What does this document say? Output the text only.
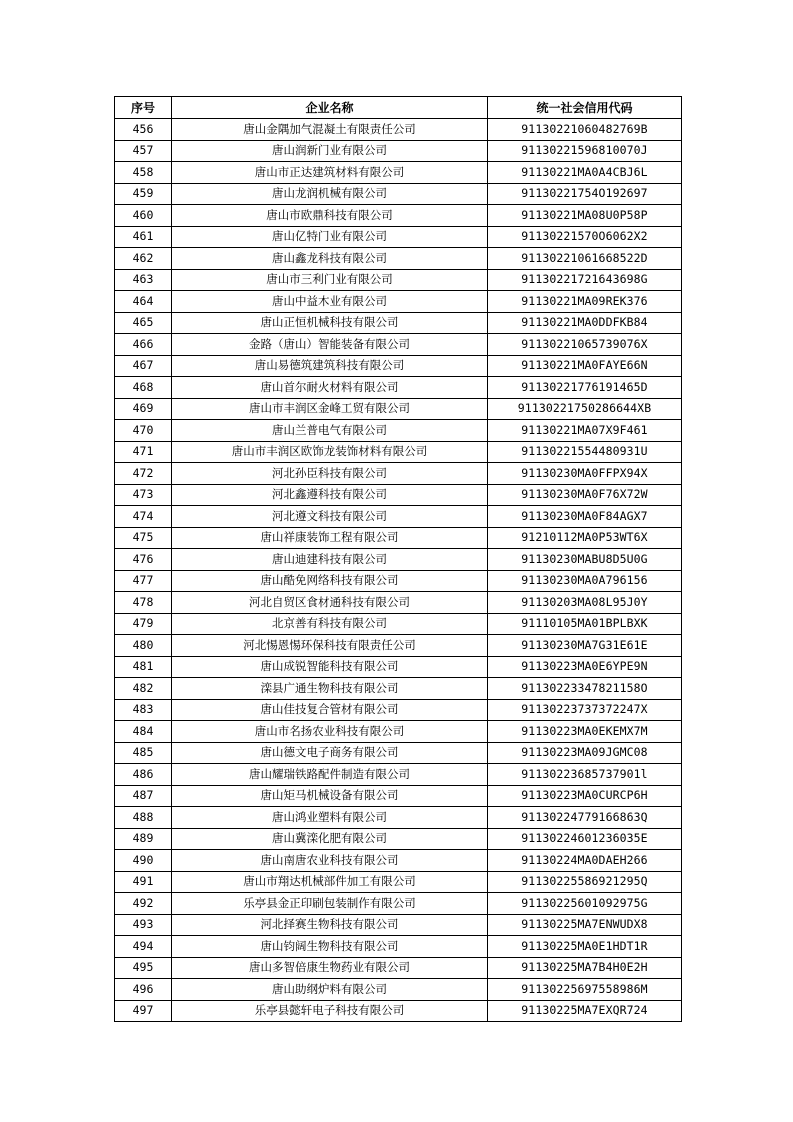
序号	企业名称	统一社会信用代码
456	唐山金隅加气混凝土有限责任公司	91130221060482769B
457	唐山润新门业有限公司	91130221596810070J
458	唐山市正达建筑材料有限公司	91130221MA0A4CBJ6L
459	唐山龙润机械有限公司	91130221754O192697
460	唐山市欧鼎科技有限公司	91130221MA08U0P58P
461	唐山亿特门业有限公司	91130221570O6062X2
462	唐山鑫龙科技有限公司	91130221061668522D
463	唐山市三利门业有限公司	91130221721643698G
464	唐山中益木业有限公司	91130221MA09REK376
465	唐山正恒机械科技有限公司	91130221MA0DDFKB84
466	金路（唐山）智能装备有限公司	91130221065739076X
467	唐山易德筑建筑科技有限公司	91130221MA0FAYE66N
468	唐山首尔耐火材料有限公司	91130221776191465D
469	唐山市丰润区金峰工贸有限公司	91130221750286644XB
470	唐山兰普电气有限公司	91130221MA07X9F461
471	唐山市丰润区欧饰龙装饰材料有限公司	91130221554480931U
472	河北孙臣科技有限公司	91130230MA0FFPX94X
473	河北鑫遵科技有限公司	91130230MA0F76X72W
474	河北遵文科技有限公司	91130230MA0F84AGX7
475	唐山祥康装饰工程有限公司	91210112MA0P53WT6X
476	唐山迪建科技有限公司	91130230MABU8D5U0G
477	唐山酷免网络科技有限公司	91130230MA0A796156
478	河北自贸区食材通科技有限公司	91130203MA08L95J0Y
479	北京善有科技有限公司	91110105MA01BPLBXK
480	河北惕恩惕环保科技有限责任公司	91130230MA7G31E61E
481	唐山成锐智能科技有限公司	91130223MA0E6YPE9N
482	滦县广通生物科技有限公司	91130223347821158O
483	唐山佳技复合管材有限公司	91130223737372247X
484	唐山市名扬农业科技有限公司	91130223MA0EKEMX7M
485	唐山德文电子商务有限公司	91130223MA09JGMC08
486	唐山耀瑞铁路配件制造有限公司	91130223685737901l
487	唐山矩马机械设备有限公司	91130223MA0CURCP6H
488	唐山鸿业塑料有限公司	91130224779166863Q
489	唐山冀滦化肥有限公司	91130224601236035E
490	唐山南唐农业科技有限公司	91130224MA0DAEH266
491	唐山市翔达机械部件加工有限公司	91130225586921295Q
492	乐亭县金正印刷包装制作有限公司	91130225601092975G
493	河北择赛生物科技有限公司	91130225MA7ENWUDX8
494	唐山钧阔生物科技有限公司	91130225MA0E1HDT1R
495	唐山多智倍康生物药业有限公司	91130225MA7B4H0E2H
496	唐山助纲炉料有限公司	91130225697558986M
497	乐亭县懿轩电子科技有限公司	91130225MA7EXQR724
